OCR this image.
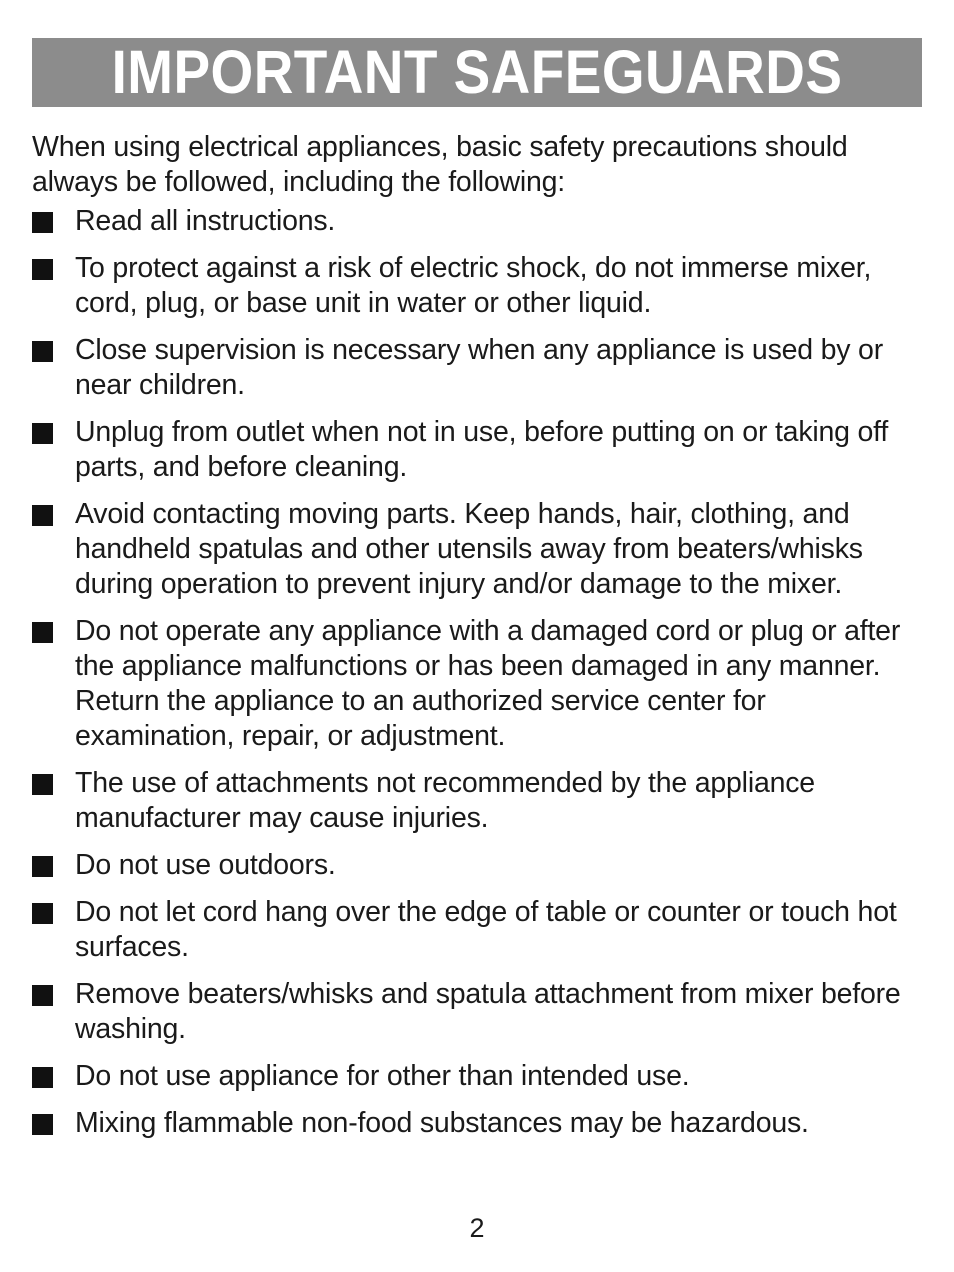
IMPORTANT SAFEGUARDS

When using electrical appliances, basic safety precautions should always be followed, including the following:

Read all instructions.
To protect against a risk of electric shock, do not immerse mixer, cord, plug, or base unit in water or other liquid.
Close supervision is necessary when any appliance is used by or near children.
Unplug from outlet when not in use, before putting on or taking off parts, and before cleaning.
Avoid contacting moving parts. Keep hands, hair, clothing, and handheld spatulas and other utensils away from beaters/whisks during operation to prevent injury and/or damage to the mixer.
Do not operate any appliance with a damaged cord or plug or after the appliance malfunctions or has been damaged in any manner. Return the appliance to an authorized service center for examination, repair, or adjustment.
The use of attachments not recommended by the appliance manufacturer may cause injuries.
Do not use outdoors.
Do not let cord hang over the edge of table or counter or touch hot surfaces.
Remove beaters/whisks and spatula attachment from mixer before washing.
Do not use appliance for other than intended use.
Mixing flammable non-food substances may be hazardous.
2
